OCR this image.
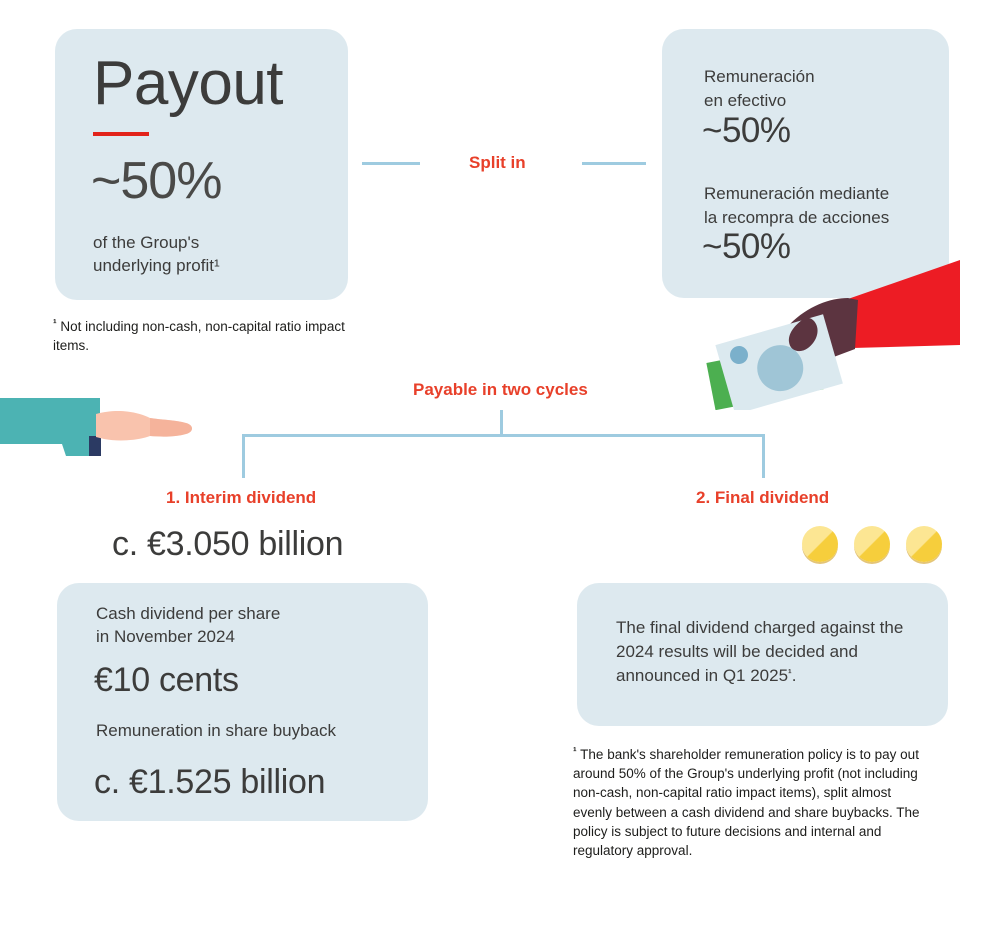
Payout
~50%
of the Group's
underlying profit¹
$^{^1}$ Not including non-cash, non-capital ratio impact items.
Split in
Remuneración
en efectivo
~50%
Remuneración mediante
la recompra de acciones
~50%
Payable in two cycles
1. Interim dividend
c. €3.050 billion
Cash dividend per share
in November 2024
€10 cents
Remuneration in share buyback
c. €1.525 billion
2. Final dividend
The final dividend charged against the 2024 results will be decided and announced in Q1 $2025^{^1}$.
$^{^1}$ The bank's shareholder remuneration policy is to pay out around 50% of the Group's underlying profit (not including non-cash, non-capital ratio impact items), split almost evenly between a cash dividend and share buybacks. The policy is subject to future decisions and internal and regulatory approval.
